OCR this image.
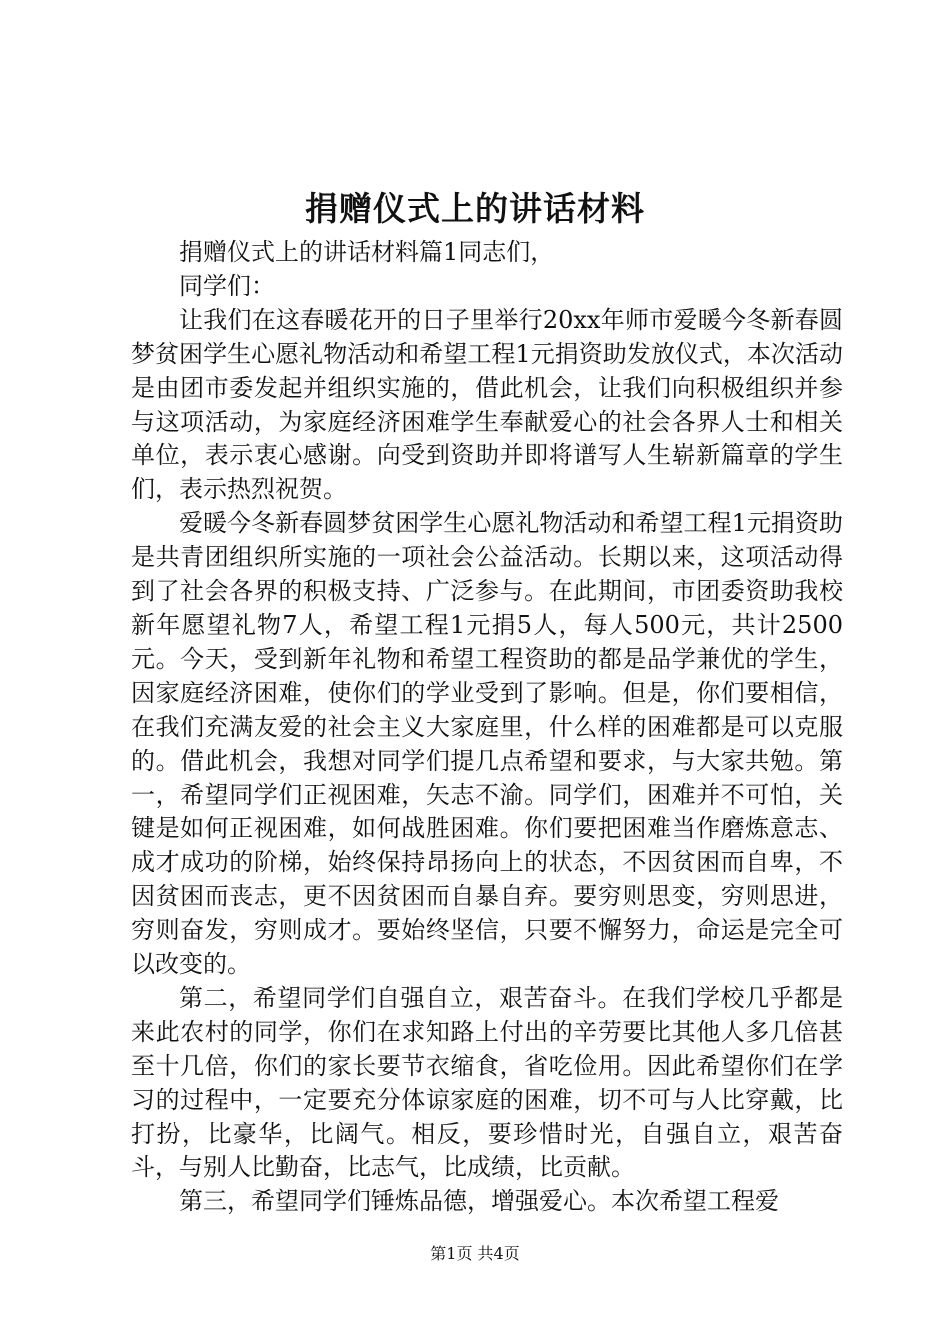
捐赠仪式上的讲话材料

捐赠仪式上的讲话材料篇1同志们，

同学们：

让我们在这春暖花开的日子里举行20xx年师市爱暖今冬新春圆梦贫困学生心愿礼物活动和希望工程1元捐资助发放仪式，本次活动是由团市委发起并组织实施的，借此机会，让我们向积极组织并参与这项活动，为家庭经济困难学生奉献爱心的社会各界人士和相关单位，表示衷心感谢。向受到资助并即将谱写人生崭新篇章的学生们，表示热烈祝贺。

爱暖今冬新春圆梦贫困学生心愿礼物活动和希望工程1元捐资助是共青团组织所实施的一项社会公益活动。长期以来，这项活动得到了社会各界的积极支持、广泛参与。在此期间，市团委资助我校新年愿望礼物7人，希望工程1元捐5人，每人500元，共计2500元。今天，受到新年礼物和希望工程资助的都是品学兼优的学生，因家庭经济困难，使你们的学业受到了影响。但是，你们要相信，在我们充满友爱的社会主义大家庭里，什么样的困难都是可以克服的。借此机会，我想对同学们提几点希望和要求，与大家共勉。第一，希望同学们正视困难，矢志不渝。同学们，困难并不可怕，关键是如何正视困难，如何战胜困难。你们要把困难当作磨炼意志、成才成功的阶梯，始终保持昂扬向上的状态，不因贫困而自卑，不因贫困而丧志，更不因贫困而自暴自弃。要穷则思变，穷则思进，穷则奋发，穷则成才。要始终坚信，只要不懈努力，命运是完全可以改变的。

第二，希望同学们自强自立，艰苦奋斗。在我们学校几乎都是来此农村的同学，你们在求知路上付出的辛劳要比其他人多几倍甚至十几倍，你们的家长要节衣缩食，省吃俭用。因此希望你们在学习的过程中，一定要充分体谅家庭的困难，切不可与人比穿戴，比打扮，比豪华，比阔气。相反，要珍惜时光，自强自立，艰苦奋斗，与别人比勤奋，比志气，比成绩，比贡献。

第三，希望同学们锤炼品德，增强爱心。本次希望工程爱

第1页 共4页
